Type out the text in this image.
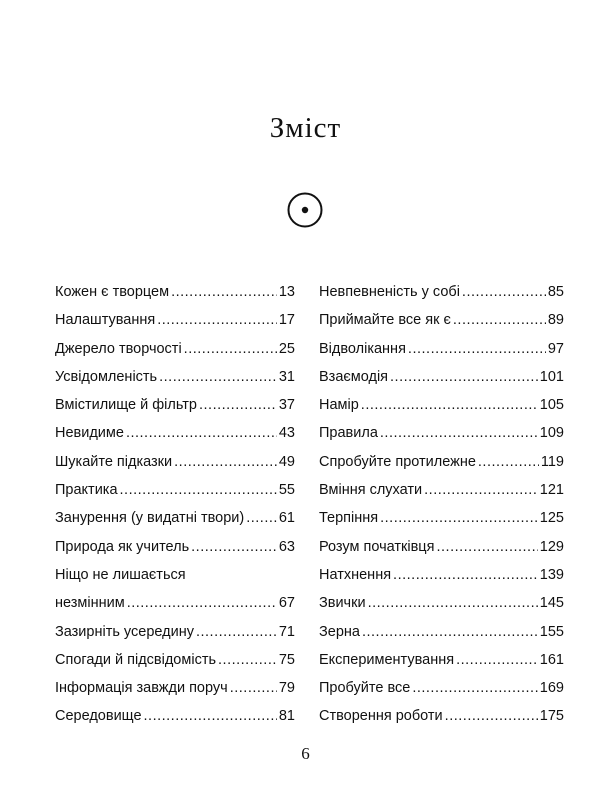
Зміст
Кожен є творцем .....	13
Налаштування .....	17
Джерело творчості .....	25
Усвідомленість .....	31
Вмістилище й фільтр .....	37
Невидиме .....	43
Шукайте підказки .....	49
Практика .....	55
Занурення (у видатні твори) ..... 61
Природа як учитель .....	63
Ніщо не лишається
незмінним .....	67
Зазирніть усередину .....	71
Спогади й підсвідомість .....	75
Інформація завжди поруч .....	79
Середовище .....	81
Невпевненість у собі .....	85
Приймайте все як є .....	89
Відволікання .....	97
Взаємодія .....	101
Намір .....	105
Правила .....	109
Спробуйте протилежне .....	119
Вміння слухати .....	121
Терпіння .....	125
Розум початківця .....	129
Натхнення .....	139
Звички .....	145
Зерна .....	155
Експериментування .....	161
Пробуйте все .....	169
Створення роботи .....	175
6
